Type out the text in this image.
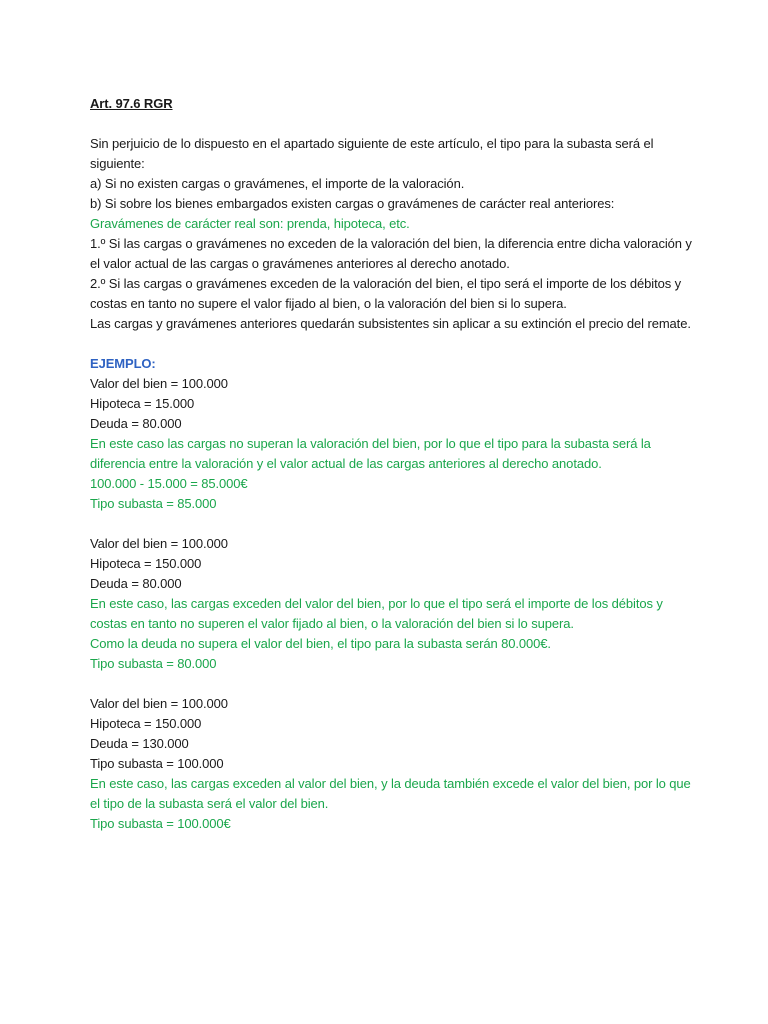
Art. 97.6 RGR
Sin perjuicio de lo dispuesto en el apartado siguiente de este artículo, el tipo para la subasta será el
siguiente:
a) Si no existen cargas o gravámenes, el importe de la valoración.
b) Si sobre los bienes embargados existen cargas o gravámenes de carácter real anteriores:
Gravámenes de carácter real son: prenda, hipoteca, etc.
1.º Si las cargas o gravámenes no exceden de la valoración del bien, la diferencia entre dicha valoración y
el valor actual de las cargas o gravámenes anteriores al derecho anotado.
2.º Si las cargas o gravámenes exceden de la valoración del bien, el tipo será el importe de los débitos y
costas en tanto no supere el valor fijado al bien, o la valoración del bien si lo supera.
Las cargas y gravámenes anteriores quedarán subsistentes sin aplicar a su extinción el precio del remate.
EJEMPLO:
Valor del bien = 100.000
Hipoteca = 15.000
Deuda = 80.000
En este caso las cargas no superan la valoración del bien, por lo que el tipo para la subasta será la
diferencia entre la valoración y el valor actual de las cargas anteriores al derecho anotado.
100.000 - 15.000 = 85.000€
Tipo subasta = 85.000
Valor del bien = 100.000
Hipoteca = 150.000
Deuda = 80.000
En este caso, las cargas exceden del valor del bien, por lo que el tipo será el importe de los débitos y
costas en tanto no superen el valor fijado al bien, o la valoración del bien si lo supera.
Como la deuda no supera el valor del bien, el tipo para la subasta serán 80.000€.
Tipo subasta = 80.000
Valor del bien = 100.000
Hipoteca = 150.000
Deuda = 130.000
Tipo subasta = 100.000
En este caso, las cargas exceden al valor del bien, y la deuda también excede el valor del bien, por lo que
el tipo de la subasta será el valor del bien.
Tipo subasta = 100.000€
